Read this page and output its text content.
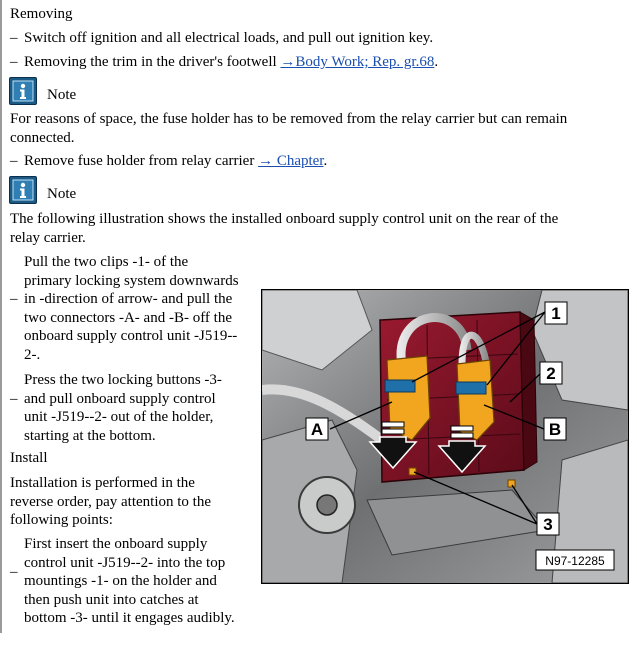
Removing
– Switch off ignition and all electrical loads, and pull out ignition key.
– Removing the trim in the driver's footwell →Body Work; Rep. gr.68.
Note
For reasons of space, the fuse holder has to be removed from the relay carrier but can remain
connected.
– Remove fuse holder from relay carrier → Chapter.
Note
The following illustration shows the installed onboard supply control unit on the rear of the
relay carrier.
Pull the two clips -1- of the
primary locking system downwards
in -direction of arrow- and pull the
two connectors -A- and -B- off the
onboard supply control unit -J519--
2-.
–
Press the two locking buttons -3-
and pull onboard supply control
unit -J519--2- out of the holder,
starting at the bottom.
–
Install
Installation is performed in the
reverse order, pay attention to the
following points:
First insert the onboard supply
control unit -J519--2- into the top
mountings -1- on the holder and
then push unit into catches at
bottom -3- until it engages audibly.
–
1
2
A	B
3
N97-12285
